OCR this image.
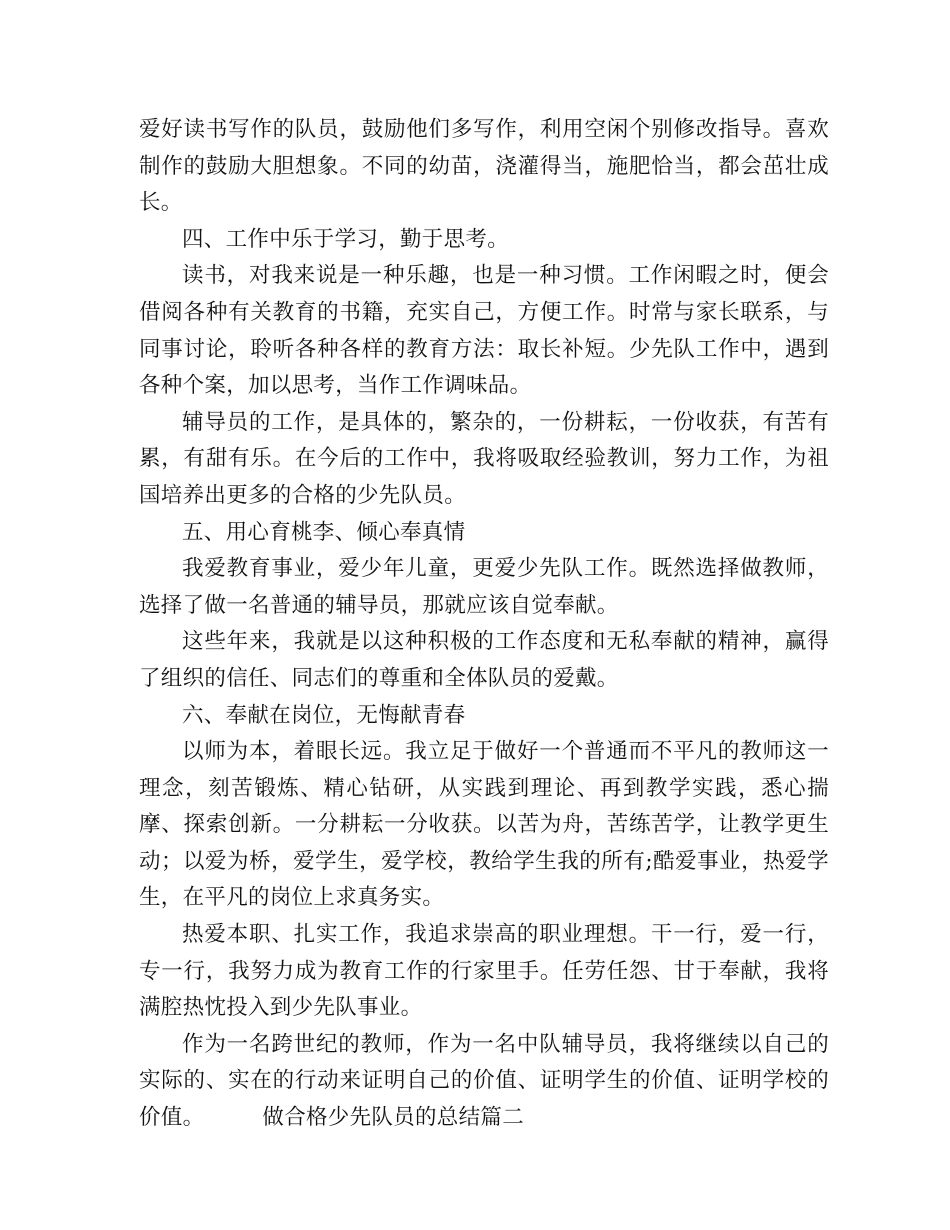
爱好读书写作的队员，鼓励他们多写作，利用空闲个别修改指导。喜欢制作的鼓励大胆想象。不同的幼苗，浇灌得当，施肥恰当，都会茁壮成长。

四、工作中乐于学习，勤于思考。

读书，对我来说是一种乐趣，也是一种习惯。工作闲暇之时，便会借阅各种有关教育的书籍，充实自己，方便工作。时常与家长联系，与同事讨论，聆听各种各样的教育方法：取长补短。少先队工作中，遇到各种个案，加以思考，当作工作调味品。

辅导员的工作，是具体的，繁杂的，一份耕耘，一份收获，有苦有累，有甜有乐。在今后的工作中，我将吸取经验教训，努力工作，为祖国培养出更多的合格的少先队员。

五、用心育桃李、倾心奉真情

我爱教育事业，爱少年儿童，更爱少先队工作。既然选择做教师，选择了做一名普通的辅导员，那就应该自觉奉献。

这些年来，我就是以这种积极的工作态度和无私奉献的精神，赢得了组织的信任、同志们的尊重和全体队员的爱戴。

六、奉献在岗位，无悔献青春

以师为本，着眼长远。我立足于做好一个普通而不平凡的教师这一理念，刻苦锻炼、精心钻研，从实践到理论、再到教学实践，悉心揣摩、探索创新。一分耕耘一分收获。以苦为舟，苦练苦学，让教学更生动；以爱为桥，爱学生，爱学校，教给学生我的所有;酷爱事业，热爱学生，在平凡的岗位上求真务实。

热爱本职、扎实工作，我追求崇高的职业理想。干一行，爱一行，专一行，我努力成为教育工作的行家里手。任劳任怨、甘于奉献，我将满腔热忱投入到少先队事业。

作为一名跨世纪的教师，作为一名中队辅导员，我将继续以自己的实际的、实在的行动来证明自己的价值、证明学生的价值、证明学校的价值。	做合格少先队员的总结篇二
